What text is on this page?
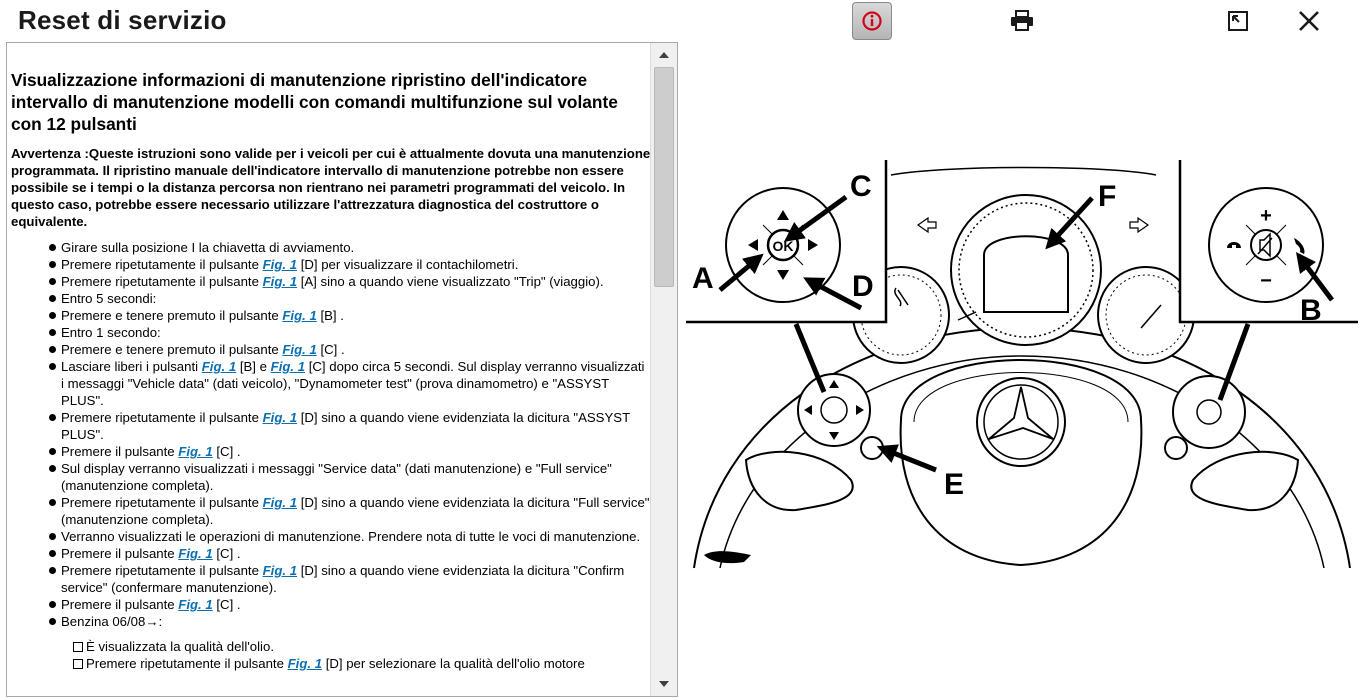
Reset di servizio
Visualizzazione informazioni di manutenzione ripristino dell'indicatore intervallo di manutenzione modelli con comandi multifunzione sul volante con 12 pulsanti

Avvertenza :Queste istruzioni sono valide per i veicoli per cui è attualmente dovuta una manutenzione programmata. Il ripristino manuale dell'indicatore intervallo di manutenzione potrebbe non essere possibile se i tempi o la distanza percorsa non rientrano nei parametri programmati del veicolo. In questo caso, potrebbe essere necessario utilizzare l'attrezzatura diagnostica del costruttore o equivalente.

Girare sulla posizione I la chiavetta di avviamento.
Premere ripetutamente il pulsante Fig. 1 [D] per visualizzare il contachilometri.
Premere ripetutamente il pulsante Fig. 1 [A] sino a quando viene visualizzato "Trip" (viaggio).
Entro 5 secondi:
Premere e tenere premuto il pulsante Fig. 1 [B] .
Entro 1 secondo:
Premere e tenere premuto il pulsante Fig. 1 [C] .
Lasciare liberi i pulsanti Fig. 1 [B] e Fig. 1 [C] dopo circa 5 secondi. Sul display verranno visualizzati i messaggi "Vehicle data" (dati veicolo), "Dynamometer test" (prova dinamometro) e "ASSYST PLUS".
Premere ripetutamente il pulsante Fig. 1 [D] sino a quando viene evidenziata la dicitura "ASSYST PLUS".
Premere il pulsante Fig. 1 [C] .
Sul display verranno visualizzati i messaggi "Service data" (dati manutenzione) e "Full service" (manutenzione completa).
Premere ripetutamente il pulsante Fig. 1 [D] sino a quando viene evidenziata la dicitura "Full service" (manutenzione completa).
Verranno visualizzati le operazioni di manutenzione. Prendere nota di tutte le voci di manutenzione.
Premere il pulsante Fig. 1 [C] .
Premere ripetutamente il pulsante Fig. 1 [D] sino a quando viene evidenziata la dicitura "Confirm service" (confermare manutenzione).
Premere il pulsante Fig. 1 [C] .
Benzina 06/08→:
È visualizzata la qualità dell'olio.
Premere ripetutamente il pulsante Fig. 1 [D] per selezionare la qualità dell'olio motore
OK
+
−
C
A	D
F
B
E
